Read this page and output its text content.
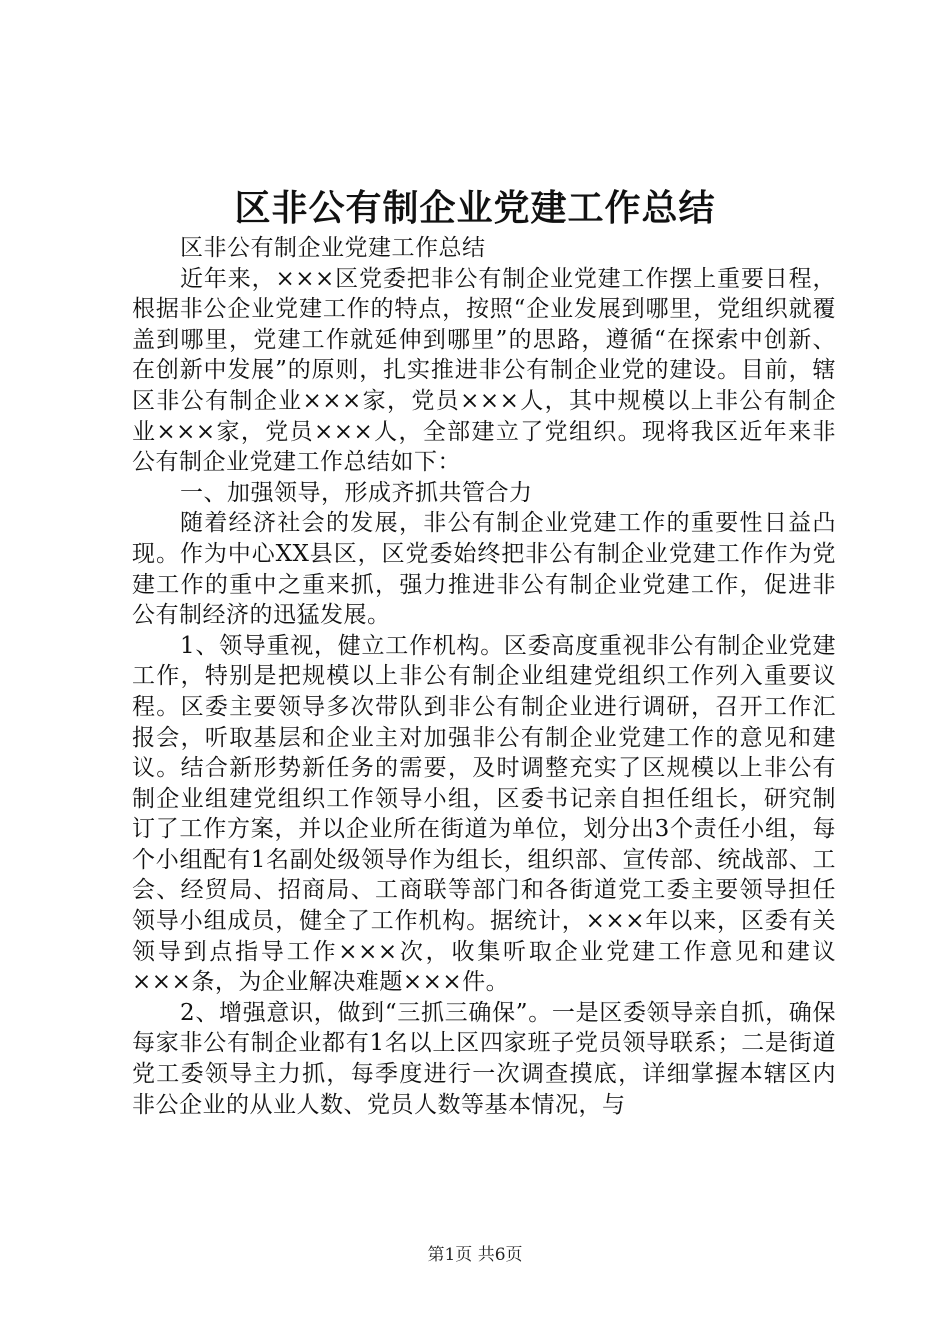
区非公有制企业党建工作总结

区非公有制企业党建工作总结

近年来，×××区党委把非公有制企业党建工作摆上重要日程，根据非公企业党建工作的特点，按照“企业发展到哪里，党组织就覆盖到哪里，党建工作就延伸到哪里”的思路，遵循“在探索中创新、在创新中发展”的原则，扎实推进非公有制企业党的建设。目前，辖区非公有制企业×××家，党员×××人，其中规模以上非公有制企业×××家，党员×××人，全部建立了党组织。现将我区近年来非公有制企业党建工作总结如下：

一、加强领导，形成齐抓共管合力

随着经济社会的发展，非公有制企业党建工作的重要性日益凸现。作为中心XX县区，区党委始终把非公有制企业党建工作作为党建工作的重中之重来抓，强力推进非公有制企业党建工作，促进非公有制经济的迅猛发展。

1、领导重视，健立工作机构。区委高度重视非公有制企业党建工作，特别是把规模以上非公有制企业组建党组织工作列入重要议程。区委主要领导多次带队到非公有制企业进行调研，召开工作汇报会，听取基层和企业主对加强非公有制企业党建工作的意见和建议。结合新形势新任务的需要，及时调整充实了区规模以上非公有制企业组建党组织工作领导小组，区委书记亲自担任组长，研究制订了工作方案，并以企业所在街道为单位，划分出3个责任小组，每个小组配有1名副处级领导作为组长，组织部、宣传部、统战部、工会、经贸局、招商局、工商联等部门和各街道党工委主要领导担任领导小组成员，健全了工作机构。据统计，×××年以来，区委有关领导到点指导工作×××次，收集听取企业党建工作意见和建议×××条，为企业解决难题×××件。

2、增强意识，做到“三抓三确保”。一是区委领导亲自抓，确保每家非公有制企业都有1名以上区四家班子党员领导联系；二是街道党工委领导主力抓，每季度进行一次调查摸底，详细掌握本辖区内非公企业的从业人数、党员人数等基本情况，与

第1页 共6页
